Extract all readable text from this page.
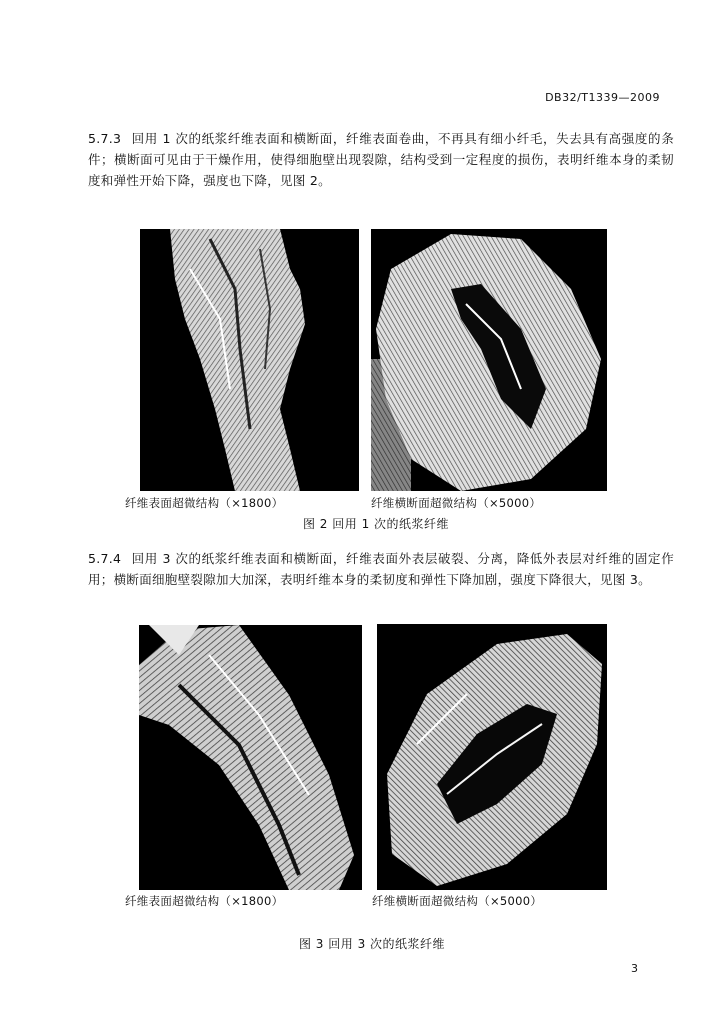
DB32/T1339—2009
5.7.3 回用 1 次的纸浆纤维表面和横断面，纤维表面卷曲，不再具有细小纤毛，失去具有高强度的条件；横断面可见由于干燥作用，使得细胞壁出现裂隙，结构受到一定程度的损伤，表明纤维本身的柔韧度和弹性开始下降，强度也下降，见图 2。
纤维表面超微结构（×1800）	纤维横断面超微结构（×5000）
图 2 回用 1 次的纸浆纤维
5.7.4 回用 3 次的纸浆纤维表面和横断面，纤维表面外表层破裂、分离，降低外表层对纤维的固定作用；横断面细胞壁裂隙加大加深，表明纤维本身的柔韧度和弹性下降加剧，强度下降很大，见图 3。
纤维表面超微结构（×1800）	纤维横断面超微结构（×5000）
图 3 回用 3 次的纸浆纤维
3
